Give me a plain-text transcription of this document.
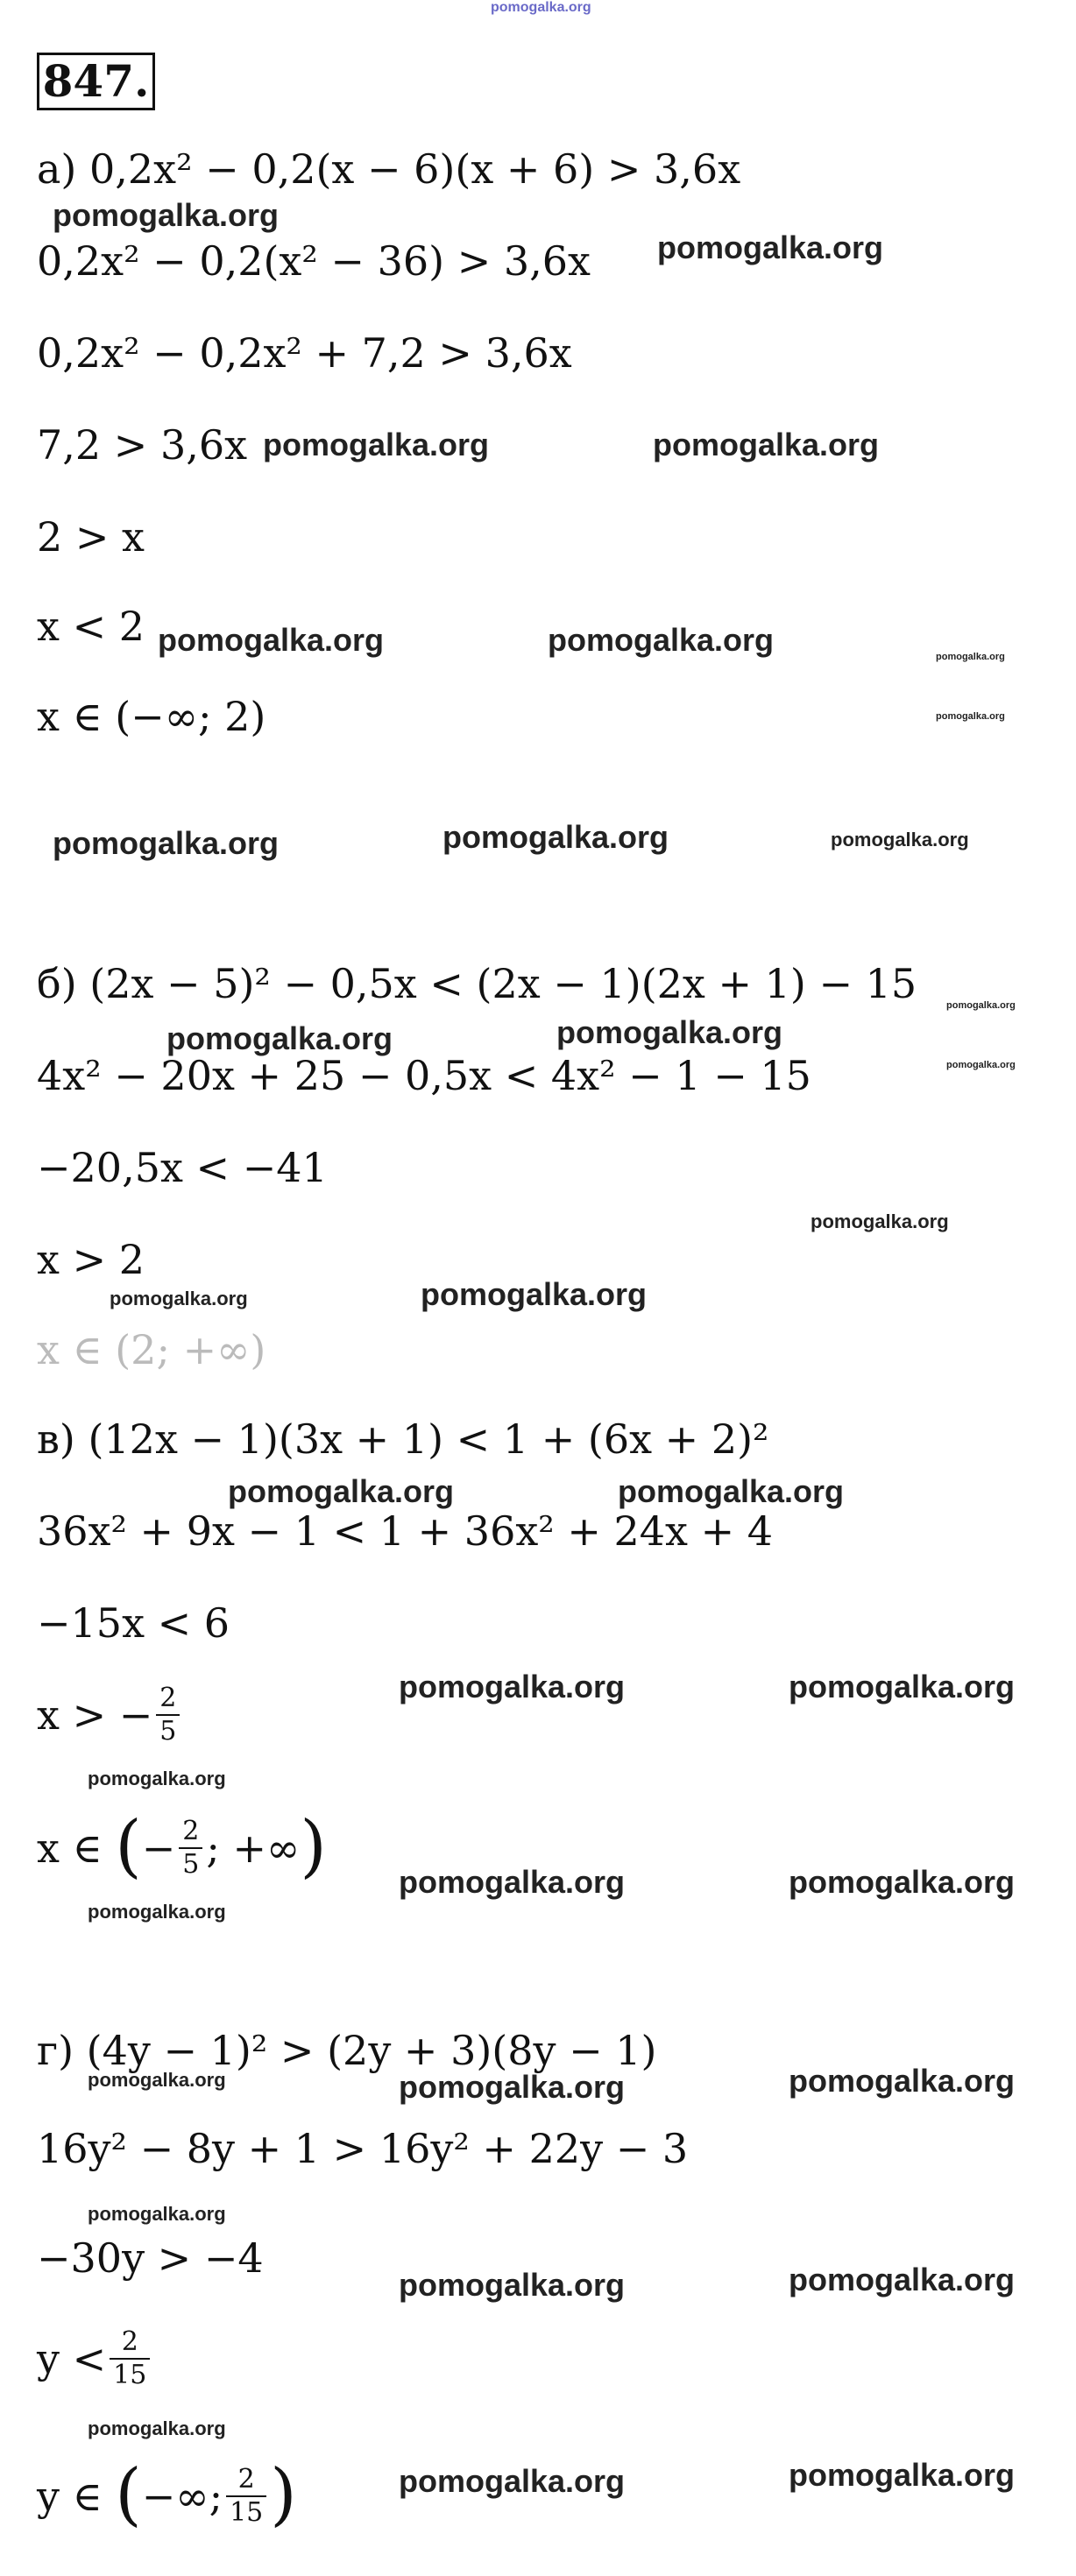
pomogalka.org
847.
а) 0,2x² − 0,2(x − 6)(x + 6) > 3,6x
0,2x² − 0,2(x² − 36) > 3,6x
0,2x² − 0,2x² + 7,2 > 3,6x
7,2 > 3,6x
2 > x
x < 2
x ∈ (−∞; 2)
б) (2x − 5)² − 0,5x < (2x − 1)(2x + 1) − 15
4x² − 20x + 25 − 0,5x < 4x² − 1 − 15
−20,5x < −41
x > 2
x ∈ (2; +∞)
в) (12x − 1)(3x + 1) < 1 + (6x + 2)²
36x² + 9x − 1 < 1 + 36x² + 24x + 4
−15x < 6
x > − $\frac{2}{5}$
x ∈ (− $\frac{2}{5}$ ; +∞)
г) (4y − 1)² > (2y + 3)(8y − 1)
16y² − 8y + 1 > 16y² + 22y − 3
−30y > −4
$y < \frac{2}{15}$
y ∈ (−∞; $\frac{2}{15}$ )
pomogalka.org
pomogalka.org
pomogalka.org	pomogalka.org
pomogalka.org	pomogalka.org	pomogalka.org
pomogalka.org
pomogalka.org	pomogalka.org	pomogalka.org
pomogalka.org	pomogalka.org
pomogalka.org
pomogalka.org
pomogalka.org
pomogalka.org	pomogalka.org
pomogalka.org	pomogalka.org
pomogalka.org	pomogalka.org
pomogalka.org
pomogalka.org	pomogalka.org
pomogalka.org
pomogalka.org	pomogalka.org	pomogalka.org
pomogalka.org
pomogalka.org	pomogalka.org
pomogalka.org
pomogalka.org	pomogalka.org
